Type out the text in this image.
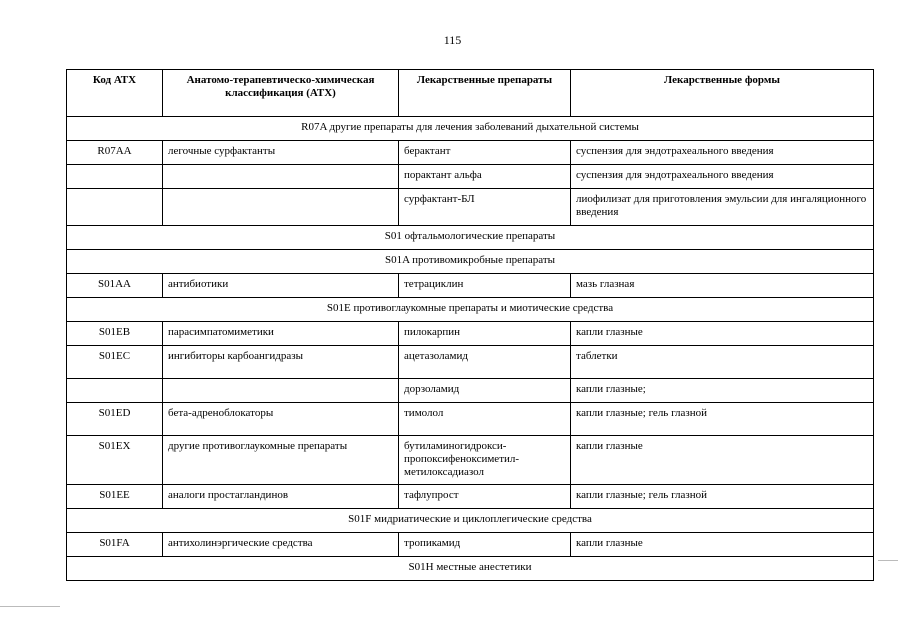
115
Код АТХ	Анатомо-терапевтическо-химическая классификация (АТХ)	Лекарственные препараты	Лекарственные формы
R07A другие препараты для лечения заболеваний дыхательной системы			
R07AA	легочные сурфактанты	берактант	суспензия для эндотрахеального введения
		порактант альфа	суспензия для эндотрахеального введения
		сурфактант-БЛ	лиофилизат для приготовления эмульсии для ингаляционного введения
S01 офтальмологические препараты			
S01A противомикробные препараты			
S01AA	антибиотики	тетрациклин	мазь глазная
S01E противоглаукомные препараты и миотические средства			
S01EB	парасимпатомиметики	пилокарпин	капли глазные
S01EC	ингибиторы карбоангидразы	ацетазоламид	таблетки
		дорзоламид	капли глазные;
S01ED	бета-адреноблокаторы	тимолол	капли глазные; гель глазной
S01EX	другие противоглаукомные препараты	бутиламиногидрокси-пропоксифеноксиметил-метилоксадиазол	капли глазные
S01EE	аналоги простагландинов	тафлупрост	капли глазные; гель глазной
S01F мидриатические и циклоплегические средства			
S01FA	антихолинэргические средства	тропикамид	капли глазные
S01H местные анестетики			
